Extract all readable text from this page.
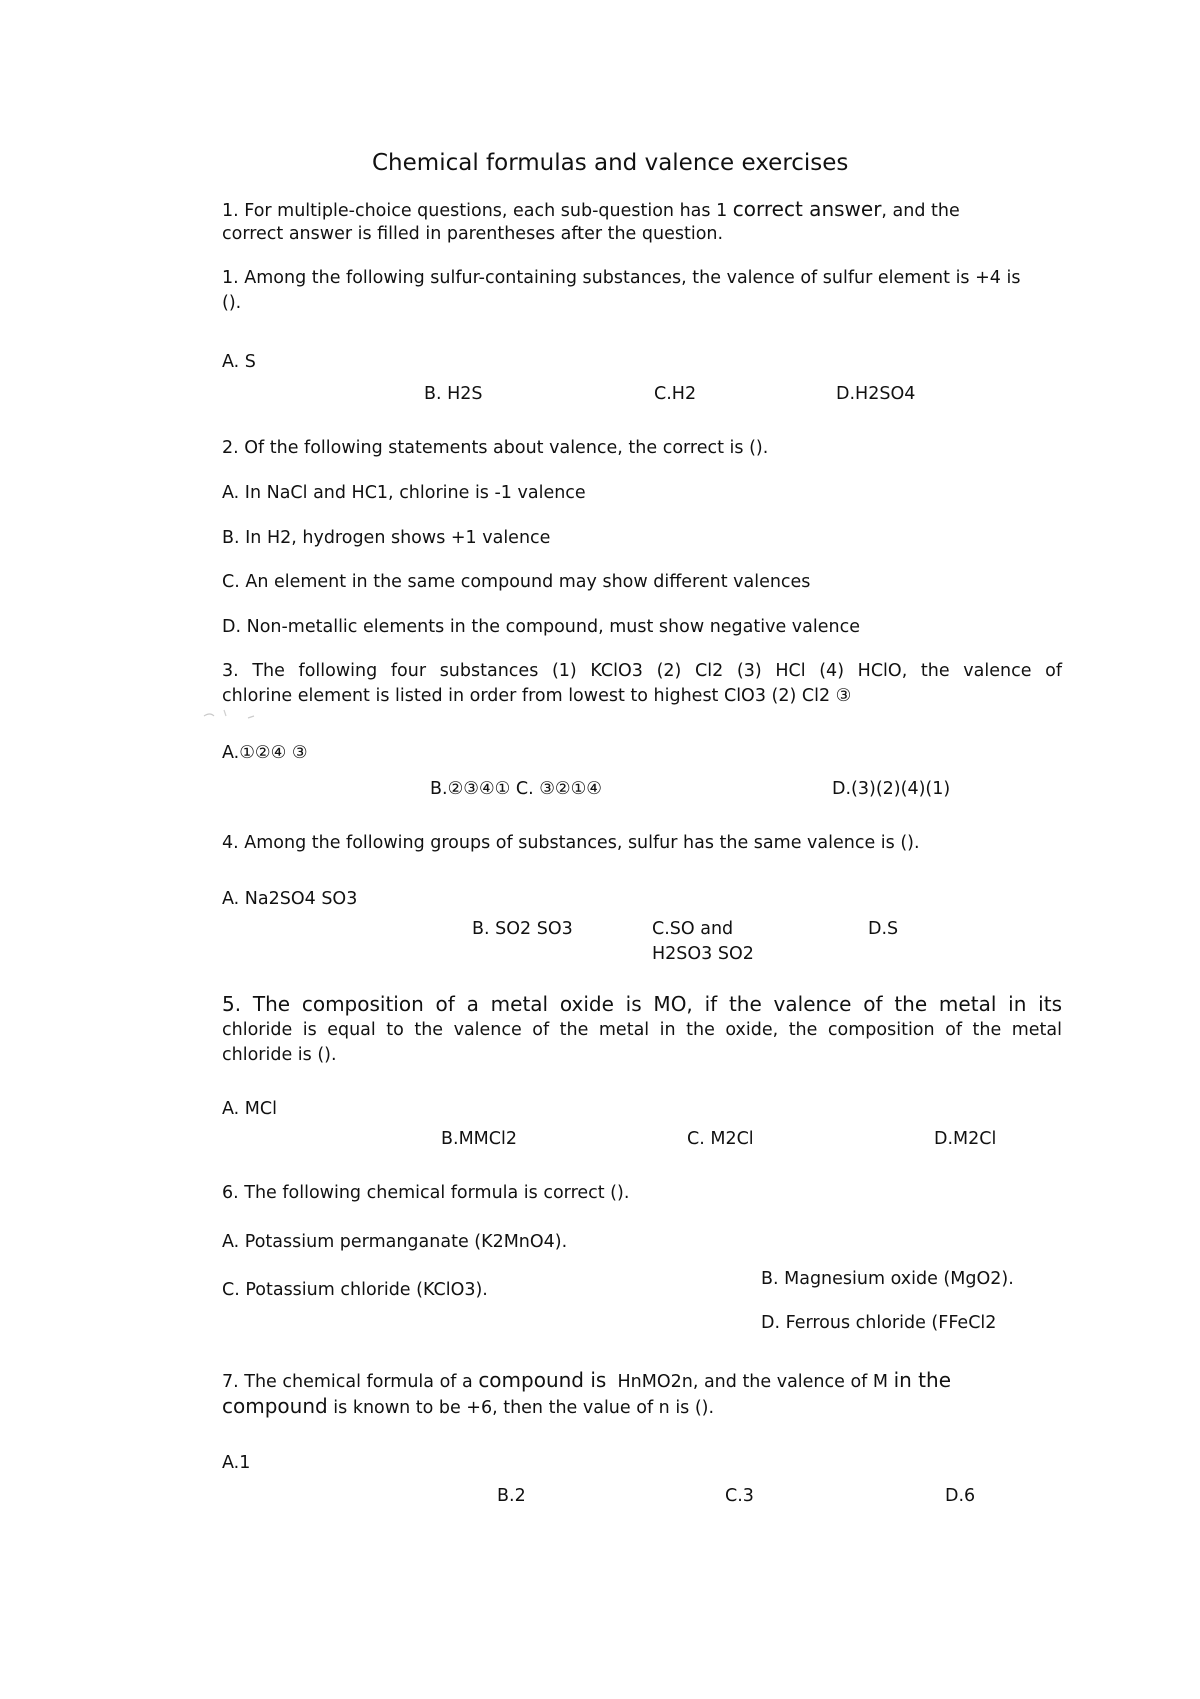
Chemical formulas and valence exercises
1. For multiple-choice questions, each sub-question has 1 correct answer, and the
correct answer is filled in parentheses after the question.
1. Among the following sulfur-containing substances, the valence of sulfur element is +4 is
().
A. S
B. H2S	C.H2	D.H2SO4
2. Of the following statements about valence, the correct is ().
A. In NaCl and HC1, chlorine is -1 valence
B. In H2, hydrogen shows +1 valence
C. An element in the same compound may show different valences
D. Non-metallic elements in the compound, must show negative valence
3. The following four substances (1) KClO3 (2) Cl2 (3) HCl (4) HClO, the valence of
chlorine element is listed in order from lowest to highest ClO3 (2) Cl2 ③
A.①②④ ③
B.②③④① C. ③②①④	D.(3)(2)(4)(1)
4. Among the following groups of substances, sulfur has the same valence is ().
A. Na2SO4 SO3
B. SO2 SO3	C.SO and
H2SO3 SO2
D.S
5. The composition of a metal oxide is MO, if the valence of the metal in its
chloride is equal to the valence of the metal in the oxide, the composition of the metal
chloride is ().
A. MCl
B.MMCl2	C. M2Cl	D.M2Cl
6. The following chemical formula is correct ().
A. Potassium permanganate (K2MnO4).
C. Potassium chloride (KClO3).
B. Magnesium oxide (MgO2).
D. Ferrous chloride (FFeCl2
7. The chemical formula of a compound is HnMO2n, and the valence of M in the
compound is known to be +6, then the value of n is ().
A.1
B.2	C.3	D.6
